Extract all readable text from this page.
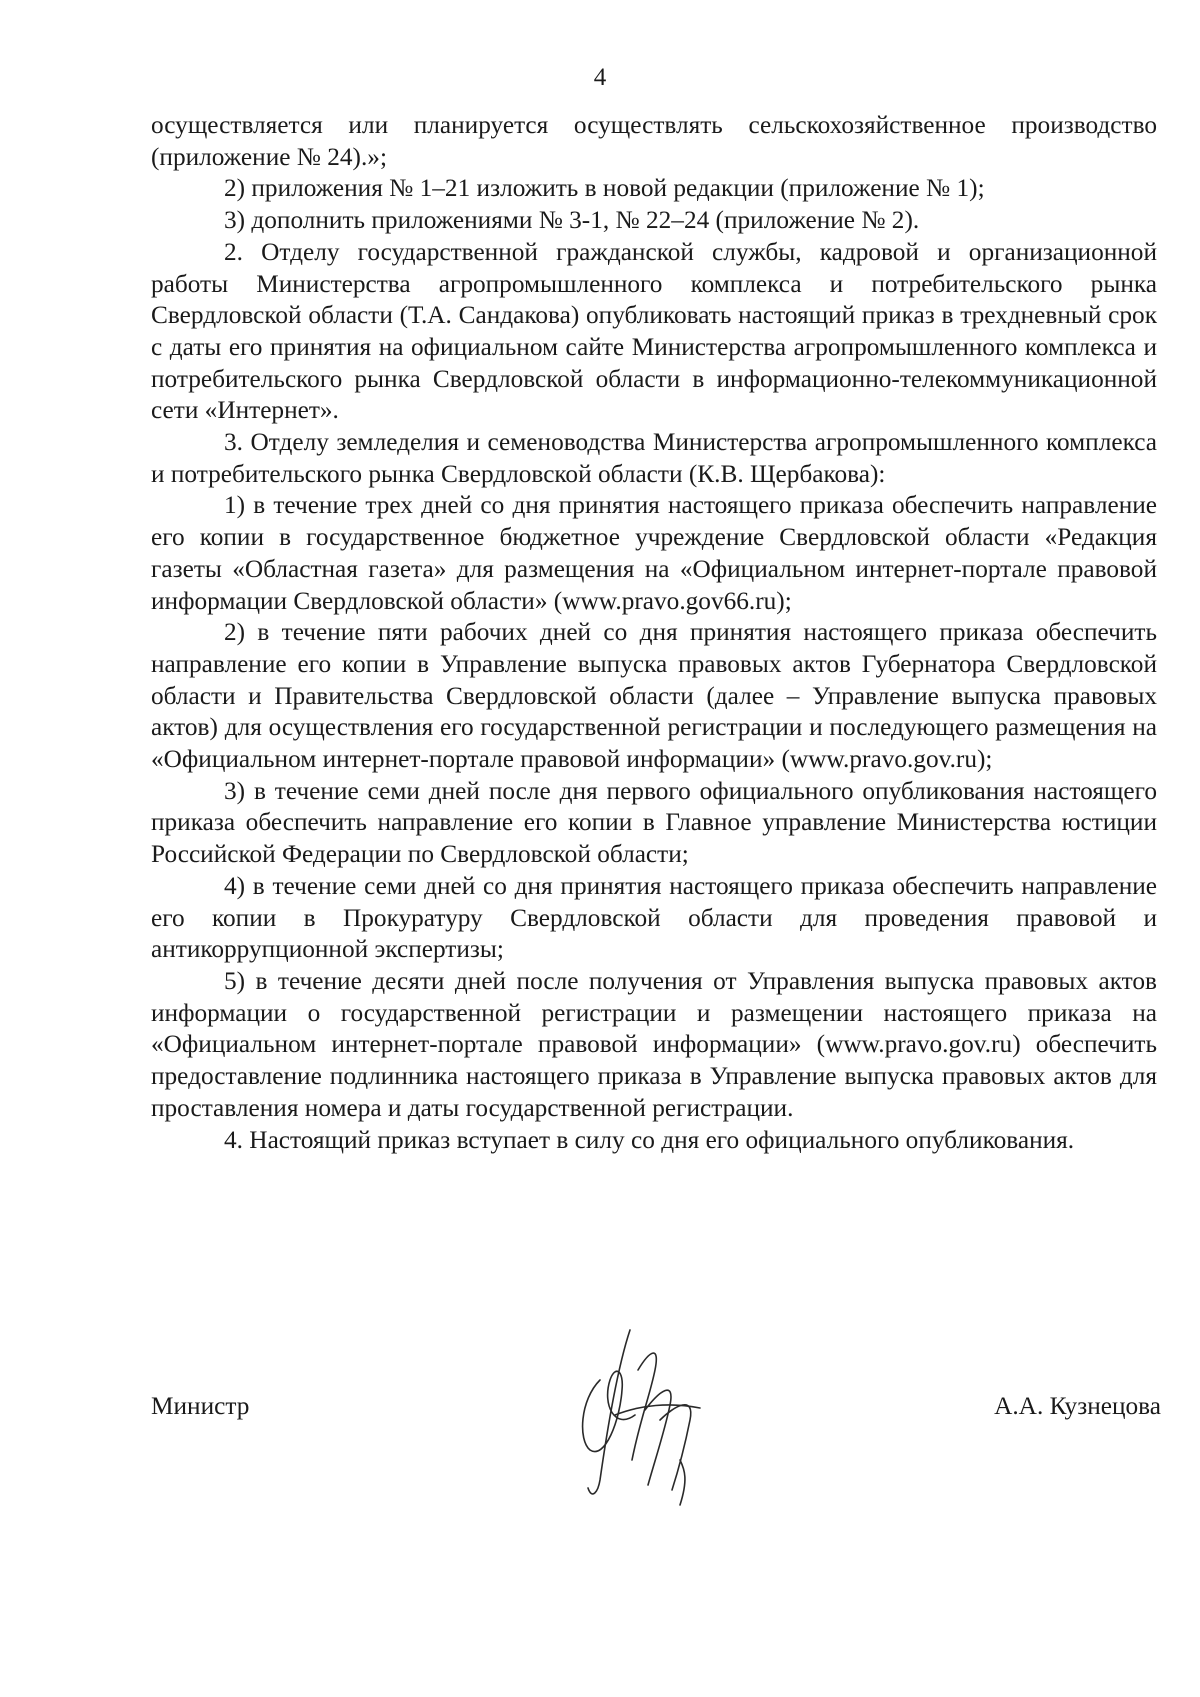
4

осуществляется или планируется осуществлять сельскохозяйственное производство (приложение № 24).»;

2) приложения № 1–21 изложить в новой редакции (приложение № 1);

3) дополнить приложениями № 3-1, № 22–24 (приложение № 2).

2. Отделу государственной гражданской службы, кадровой и организационной работы Министерства агропромышленного комплекса и потребительского рынка Свердловской области (Т.А. Сандакова) опубликовать настоящий приказ в трехдневный срок с даты его принятия на официальном сайте Министерства агропромышленного комплекса и потребительского рынка Свердловской области в информационно-телекоммуникационной сети «Интернет».

3. Отделу земледелия и семеноводства Министерства агропромышленного комплекса и потребительского рынка Свердловской области (К.В. Щербакова):

1) в течение трех дней со дня принятия настоящего приказа обеспечить направление его копии в государственное бюджетное учреждение Свердловской области «Редакция газеты «Областная газета» для размещения на «Официальном интернет-портале правовой информации Свердловской области» (www.pravo.gov66.ru);

2) в течение пяти рабочих дней со дня принятия настоящего приказа обеспечить направление его копии в Управление выпуска правовых актов Губернатора Свердловской области и Правительства Свердловской области (далее – Управление выпуска правовых актов) для осуществления его государственной регистрации и последующего размещения на «Официальном интернет-портале правовой информации» (www.pravo.gov.ru);

3) в течение семи дней после дня первого официального опубликования настоящего приказа обеспечить направление его копии в Главное управление Министерства юстиции Российской Федерации по Свердловской области;

4) в течение семи дней со дня принятия настоящего приказа обеспечить направление его копии в Прокуратуру Свердловской области для проведения правовой и антикоррупционной экспертизы;

5) в течение десяти дней после получения от Управления выпуска правовых актов информации о государственной регистрации и размещении настоящего приказа на «Официальном интернет-портале правовой информации» (www.pravo.gov.ru) обеспечить предоставление подлинника настоящего приказа в Управление выпуска правовых актов для проставления номера и даты государственной регистрации.

4. Настоящий приказ вступает в силу со дня его официального опубликования.

Министр	А.А. Кузнецова
